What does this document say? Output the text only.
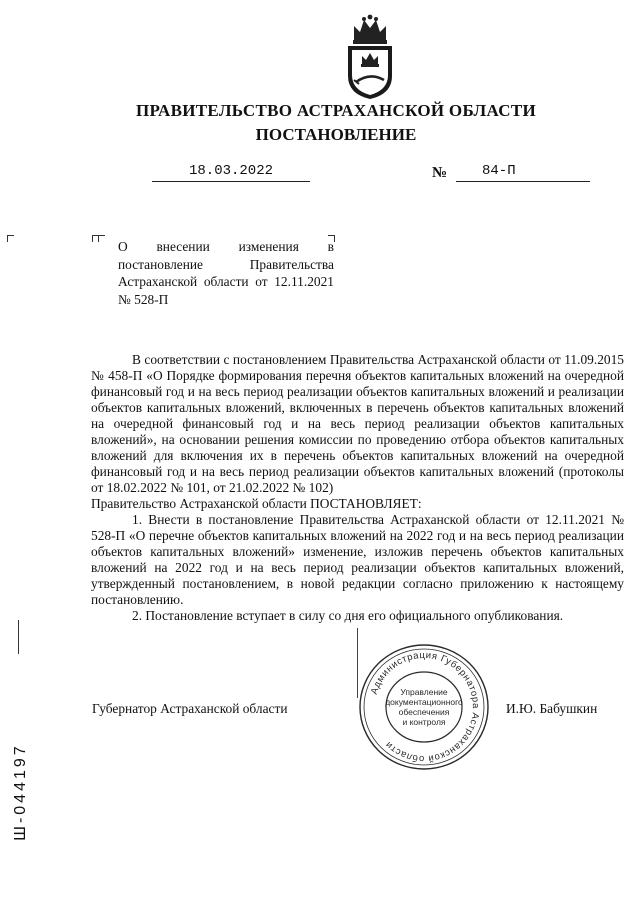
ПРАВИТЕЛЬСТВО АСТРАХАНСКОЙ ОБЛАСТИ
ПОСТАНОВЛЕНИЕ
18.03.2022	№	84-П
О внесении изменения в постановление Правительства Астраханской области от 12.11.2021 № 528-П

В соответствии с постановлением Правительства Астраханской области от 11.09.2015 № 458-П «О Порядке формирования перечня объектов капитальных вложений на очередной финансовый год и на весь период реализации объектов капитальных вложений и реализации объектов капитальных вложений, включенных в перечень объектов капитальных вложений на очередной финансовый год и на весь период реализации объектов капитальных вложений», на основании решения комиссии по проведению отбора объектов капитальных вложений для включения их в перечень объектов капитальных вложений на очередной финансовый год и на весь период реализации объектов капитальных вложений (протоколы от 18.02.2022 № 101, от 21.02.2022 № 102)

Правительство Астраханской области ПОСТАНОВЛЯЕТ:

1. Внести в постановление Правительства Астраханской области от 12.11.2021 № 528-П «О перечне объектов капитальных вложений на 2022 год и на весь период реализации объектов капитальных вложений» изменение, изложив перечень объектов капитальных вложений на 2022 год и на весь период реализации объектов капитальных вложений, утвержденный постановлением, в новой редакции согласно приложению к настоящему постановлению.

2. Постановление вступает в силу со дня его официального опубликования.

Губернатор Астраханской области	И.Ю. Бабушкин
Администрация Губернатора Астраханской области
Управление
документационного
обеспечения
и контроля
Ш-044197
